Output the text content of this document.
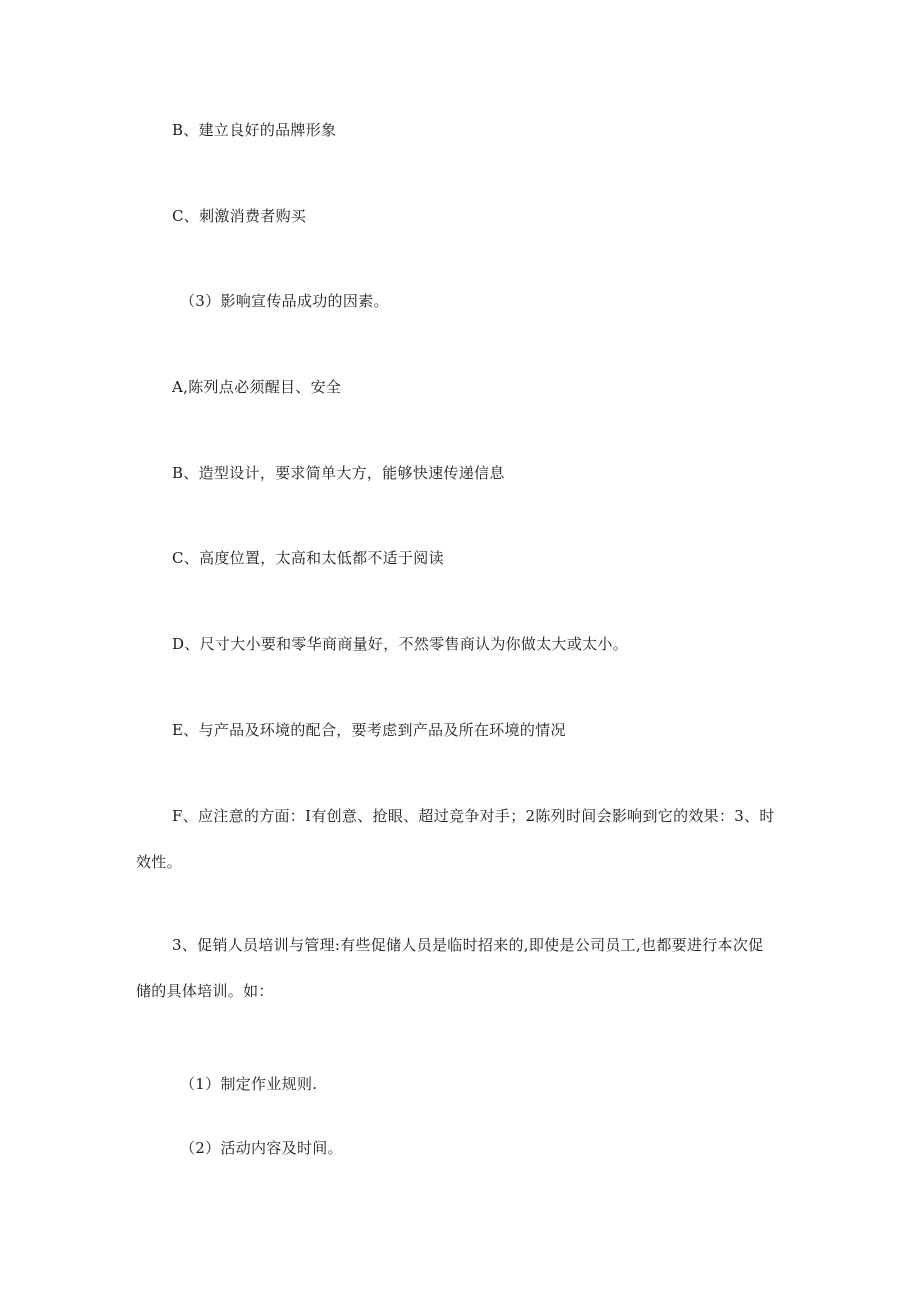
B、建立良好的品牌形象
C、刺激消费者购买
（3）影响宣传品成功的因素。
A,陈列点必须醒目、安全
B、造型设计，要求简单大方，能够快速传递信息
C、高度位置，太高和太低都不适于阅读
D、尺寸大小要和零华商商量好，不然零售商认为你做太大或太小。
E、与产品及环境的配合，要考虑到产品及所在环境的情况
F、应注意的方面：I有创意、抢眼、超过竞争对手；2陈列时间会影响到它的效果：3、时
效性。
3、促销人员培训与管理:有些促储人员是临时招来的,即使是公司员工,也都要进行本次促
储的具体培训。如：
（1）制定作业规则.
（2）活动内容及时间。
